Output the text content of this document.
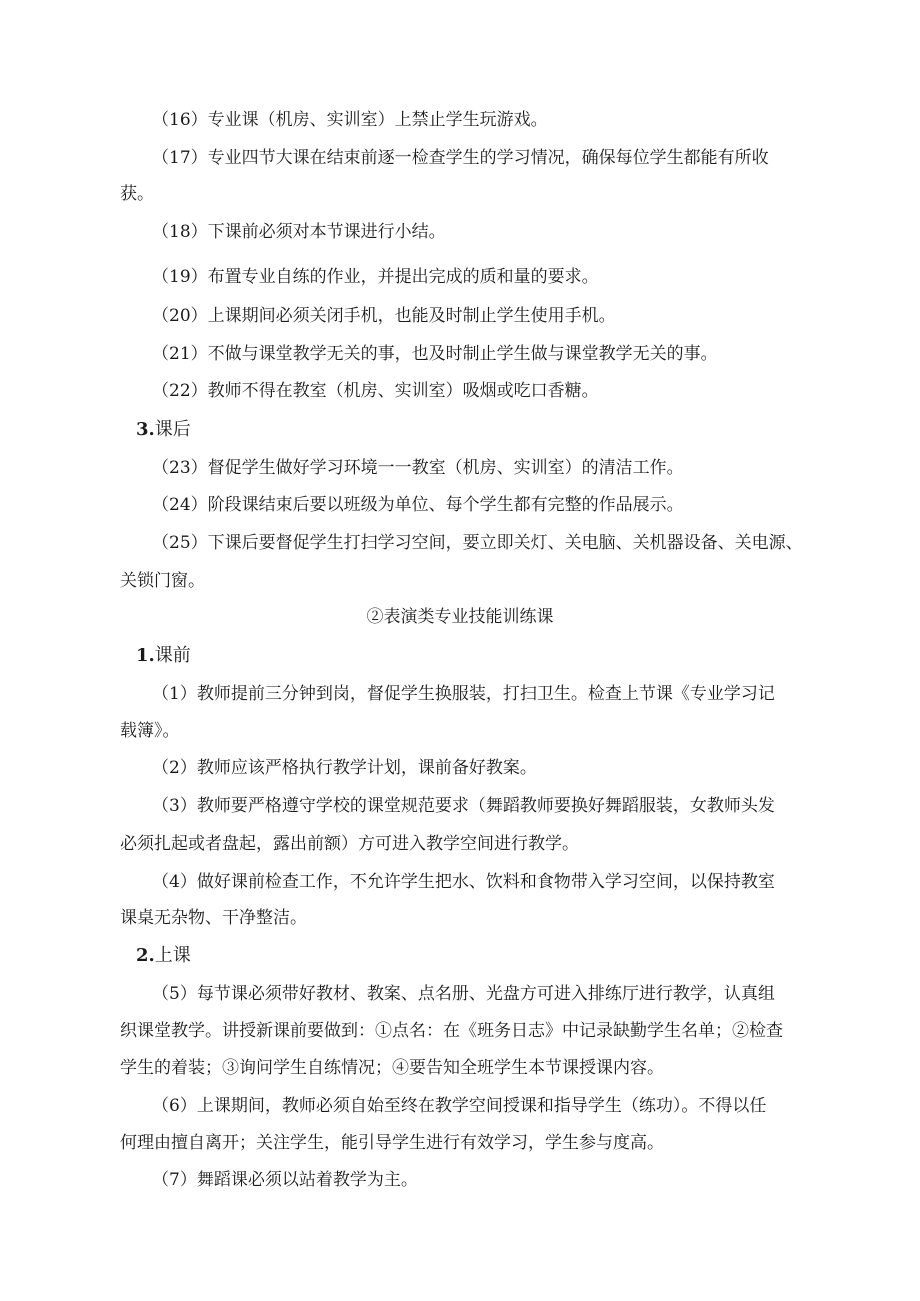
（16）专业课（机房、实训室）上禁止学生玩游戏。
（17）专业四节大课在结束前逐一检查学生的学习情况，确保每位学生都能有所收
获。
（18）下课前必须对本节课进行小结。
（19）布置专业自练的作业，并提出完成的质和量的要求。
（20）上课期间必须关闭手机，也能及时制止学生使用手机。
（21）不做与课堂教学无关的事，也及时制止学生做与课堂教学无关的事。
（22）教师不得在教室（机房、实训室）吸烟或吃口香糖。
3.课后
（23）督促学生做好学习环境一一教室（机房、实训室）的清洁工作。
（24）阶段课结束后要以班级为单位、每个学生都有完整的作品展示。
（25）下课后要督促学生打扫学习空间，要立即关灯、关电脑、关机器设备、关电源、
关锁门窗。
②表演类专业技能训练课
1.课前
（1）教师提前三分钟到岗，督促学生换服装，打扫卫生。检查上节课《专业学习记
载簿》。
（2）教师应该严格执行教学计划，课前备好教案。
（3）教师要严格遵守学校的课堂规范要求（舞蹈教师要换好舞蹈服装，女教师头发
必须扎起或者盘起，露出前额）方可进入教学空间进行教学。
（4）做好课前检查工作，不允许学生把水、饮料和食物带入学习空间，以保持教室
课桌无杂物、干净整洁。
2.上课
（5）每节课必须带好教材、教案、点名册、光盘方可进入排练厅进行教学，认真组
织课堂教学。讲授新课前要做到：①点名：在《班务日志》中记录缺勤学生名单；②检查
学生的着装；③询问学生自练情况；④要告知全班学生本节课授课内容。
（6）上课期间，教师必须自始至终在教学空间授课和指导学生（练功）。不得以任
何理由擅自离开；关注学生，能引导学生进行有效学习，学生参与度高。
（7）舞蹈课必须以站着教学为主。
